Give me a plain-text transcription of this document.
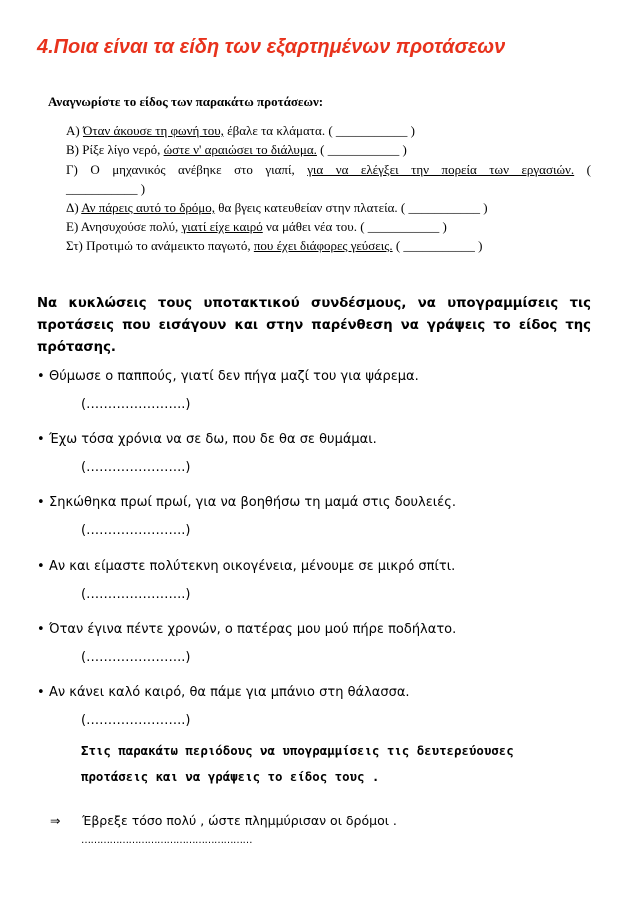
4.Ποια είναι τα είδη των εξαρτημένων προτάσεων

Αναγνωρίστε το είδος των παρακάτω προτάσεων:

Α) Όταν άκουσε τη φωνή του, έβαλε τα κλάματα. ( ___________ )
Β) Ρίξε λίγο νερό, ώστε ν' αραιώσει το διάλυμα. ( ___________ )
Γ) Ο μηχανικός ανέβηκε στο γιαπί, για να ελέγξει την πορεία των εργασιών. (
___________ )
Δ) Αν πάρεις αυτό το δρόμο, θα βγεις κατευθείαν στην πλατεία. ( ___________ )
Ε) Ανησυχούσε πολύ, γιατί είχε καιρό να μάθει νέα του. ( ___________ )
Στ) Προτιμώ το ανάμεικτο παγωτό, που έχει διάφορες γεύσεις. ( ___________ )
Να κυκλώσεις τους υποτακτικού συνδέσμους, να υπογραμμίσεις τις
προτάσεις που εισάγουν και στην παρένθεση να γράψεις το είδος της
πρότασης.
• Θύμωσε ο παππούς, γιατί δεν πήγα μαζί του για ψάρεμα.
(…………………..)
• Έχω τόσα χρόνια να σε δω, που δε θα σε θυμάμαι.
(…………………..)
• Σηκώθηκα πρωί πρωί, για να βοηθήσω τη μαμά στις δουλειές.
(…………………..)
• Αν και είμαστε πολύτεκνη οικογένεια, μένουμε σε μικρό σπίτι.
(…………………..)
• Όταν έγινα πέντε χρονών, ο πατέρας μου μού πήρε ποδήλατο.
(…………………..)
• Αν κάνει καλό καιρό, θα πάμε για μπάνιο στη θάλασσα.
(…………………..)
Στις παρακάτω περιόδους να υπογραμμίσεις τις δευτερεύουσες
προτάσεις και να γράψεις το είδος τους .
⇒ Έβρεξε τόσο πολύ , ώστε πλημμύρισαν οι δρόμοι .
………………………………………………
